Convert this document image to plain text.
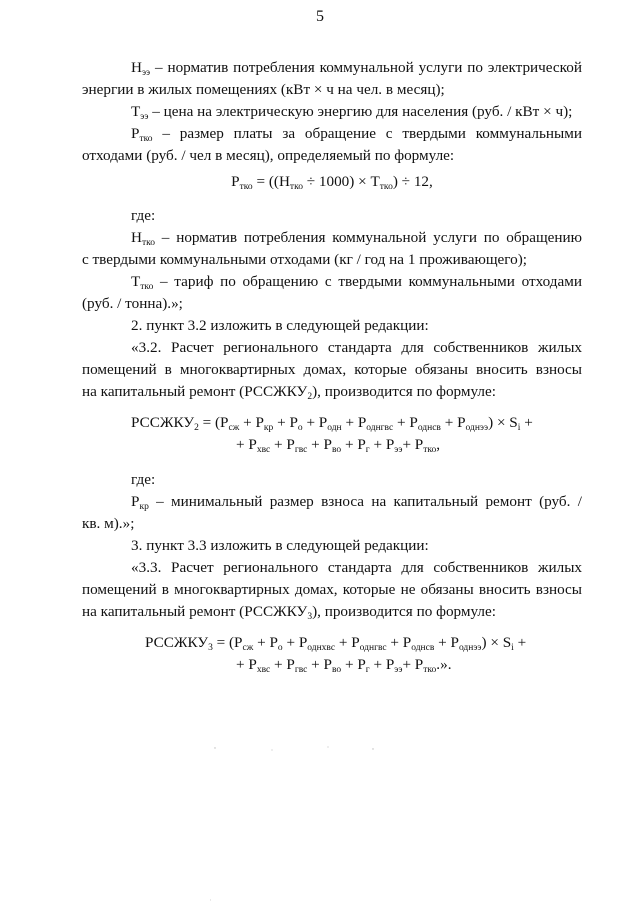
5
$Н_{ээ}$ – норматив потребления коммунальной услуги по электрической
энергии в жилых помещениях (кВт × ч на чел. в месяц);
$Т_{ээ}$ – цена на электрическую энергию для населения (руб. / кВт × ч);
$Р_{тко}$ – размер платы за обращение с твердыми коммунальными
отходами (руб. / чел в месяц), определяемый по формуле:
$Р_{тко} = ((Н_{тко} \div 1000) \times Т_{тко}) \div 12$,
где:
$Н_{тко}$ – норматив потребления коммунальной услуги по обращению
с твердыми коммунальными отходами (кг / год на 1 проживающего);
$Т_{тко}$ – тариф по обращению с твердыми коммунальными отходами
(руб. / тонна).»;
2. пункт 3.2 изложить в следующей редакции:
«3.2. Расчет регионального стандарта для собственников жилых
помещений в многоквартирных домах, которые обязаны вносить взносы
на капитальный ремонт $(РССЖКУ_2)$, производится по формуле:
$РССЖКУ_2 = (Р_{сж} + Р_{кр} + Р_о + Р_{одн} + Р_{однгвс} + Р_{однсв} + Р_{однээ}) \times S_i$ +
+ $Р_{хвс} + Р_{гвс} + Р_{во} + Р_г + Р_{ээ}+ Р_{тко}$,
где:
$Р_{кр}$ – минимальный размер взноса на капитальный ремонт (руб. /
кв. м).»;
3. пункт 3.3 изложить в следующей редакции:
«3.3. Расчет регионального стандарта для собственников жилых
помещений в многоквартирных домах, которые не обязаны вносить взносы
на капитальный ремонт $(РССЖКУ_3)$, производится по формуле:
$РССЖКУ_3 = (Р_{сж} + Р_о + Р_{однхвс} + Р_{однгвс} + Р_{однсв} + Р_{однээ}) \times S_i$ +
+ $Р_{хвс} + Р_{гвс} + Р_{во} + Р_г + Р_{ээ}+ Р_{тко}$.».
